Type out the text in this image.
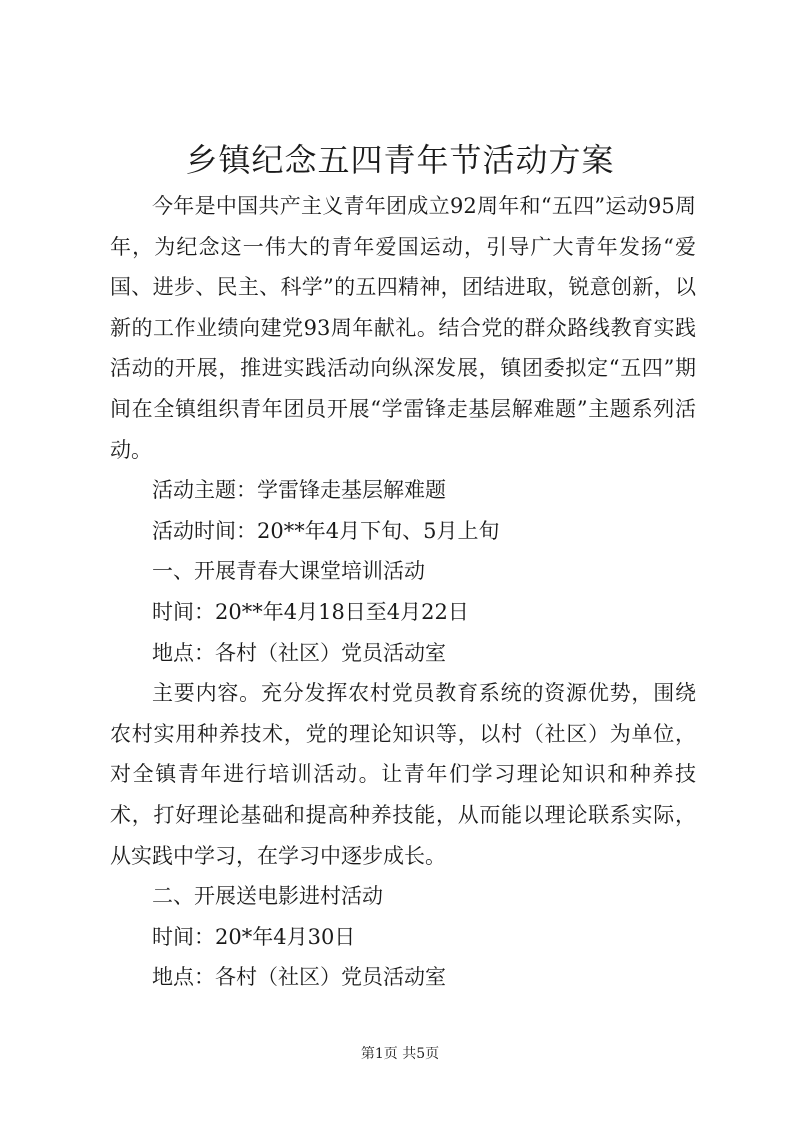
乡镇纪念五四青年节活动方案

今年是中国共产主义青年团成立92周年和“五四”运动95周年，为纪念这一伟大的青年爱国运动，引导广大青年发扬“爱国、进步、民主、科学”的五四精神，团结进取，锐意创新，以新的工作业绩向建党93周年献礼。结合党的群众路线教育实践活动的开展，推进实践活动向纵深发展，镇团委拟定“五四”期间在全镇组织青年团员开展“学雷锋走基层解难题”主题系列活动。

活动主题：学雷锋走基层解难题

活动时间：20**年4月下旬、5月上旬

一、开展青春大课堂培训活动

时间：20**年4月18日至4月22日

地点：各村（社区）党员活动室

主要内容。充分发挥农村党员教育系统的资源优势，围绕农村实用种养技术，党的理论知识等，以村（社区）为单位，对全镇青年进行培训活动。让青年们学习理论知识和种养技术，打好理论基础和提高种养技能，从而能以理论联系实际，从实践中学习，在学习中逐步成长。

二、开展送电影进村活动

时间：20*年4月30日

地点：各村（社区）党员活动室

第1页 共5页
